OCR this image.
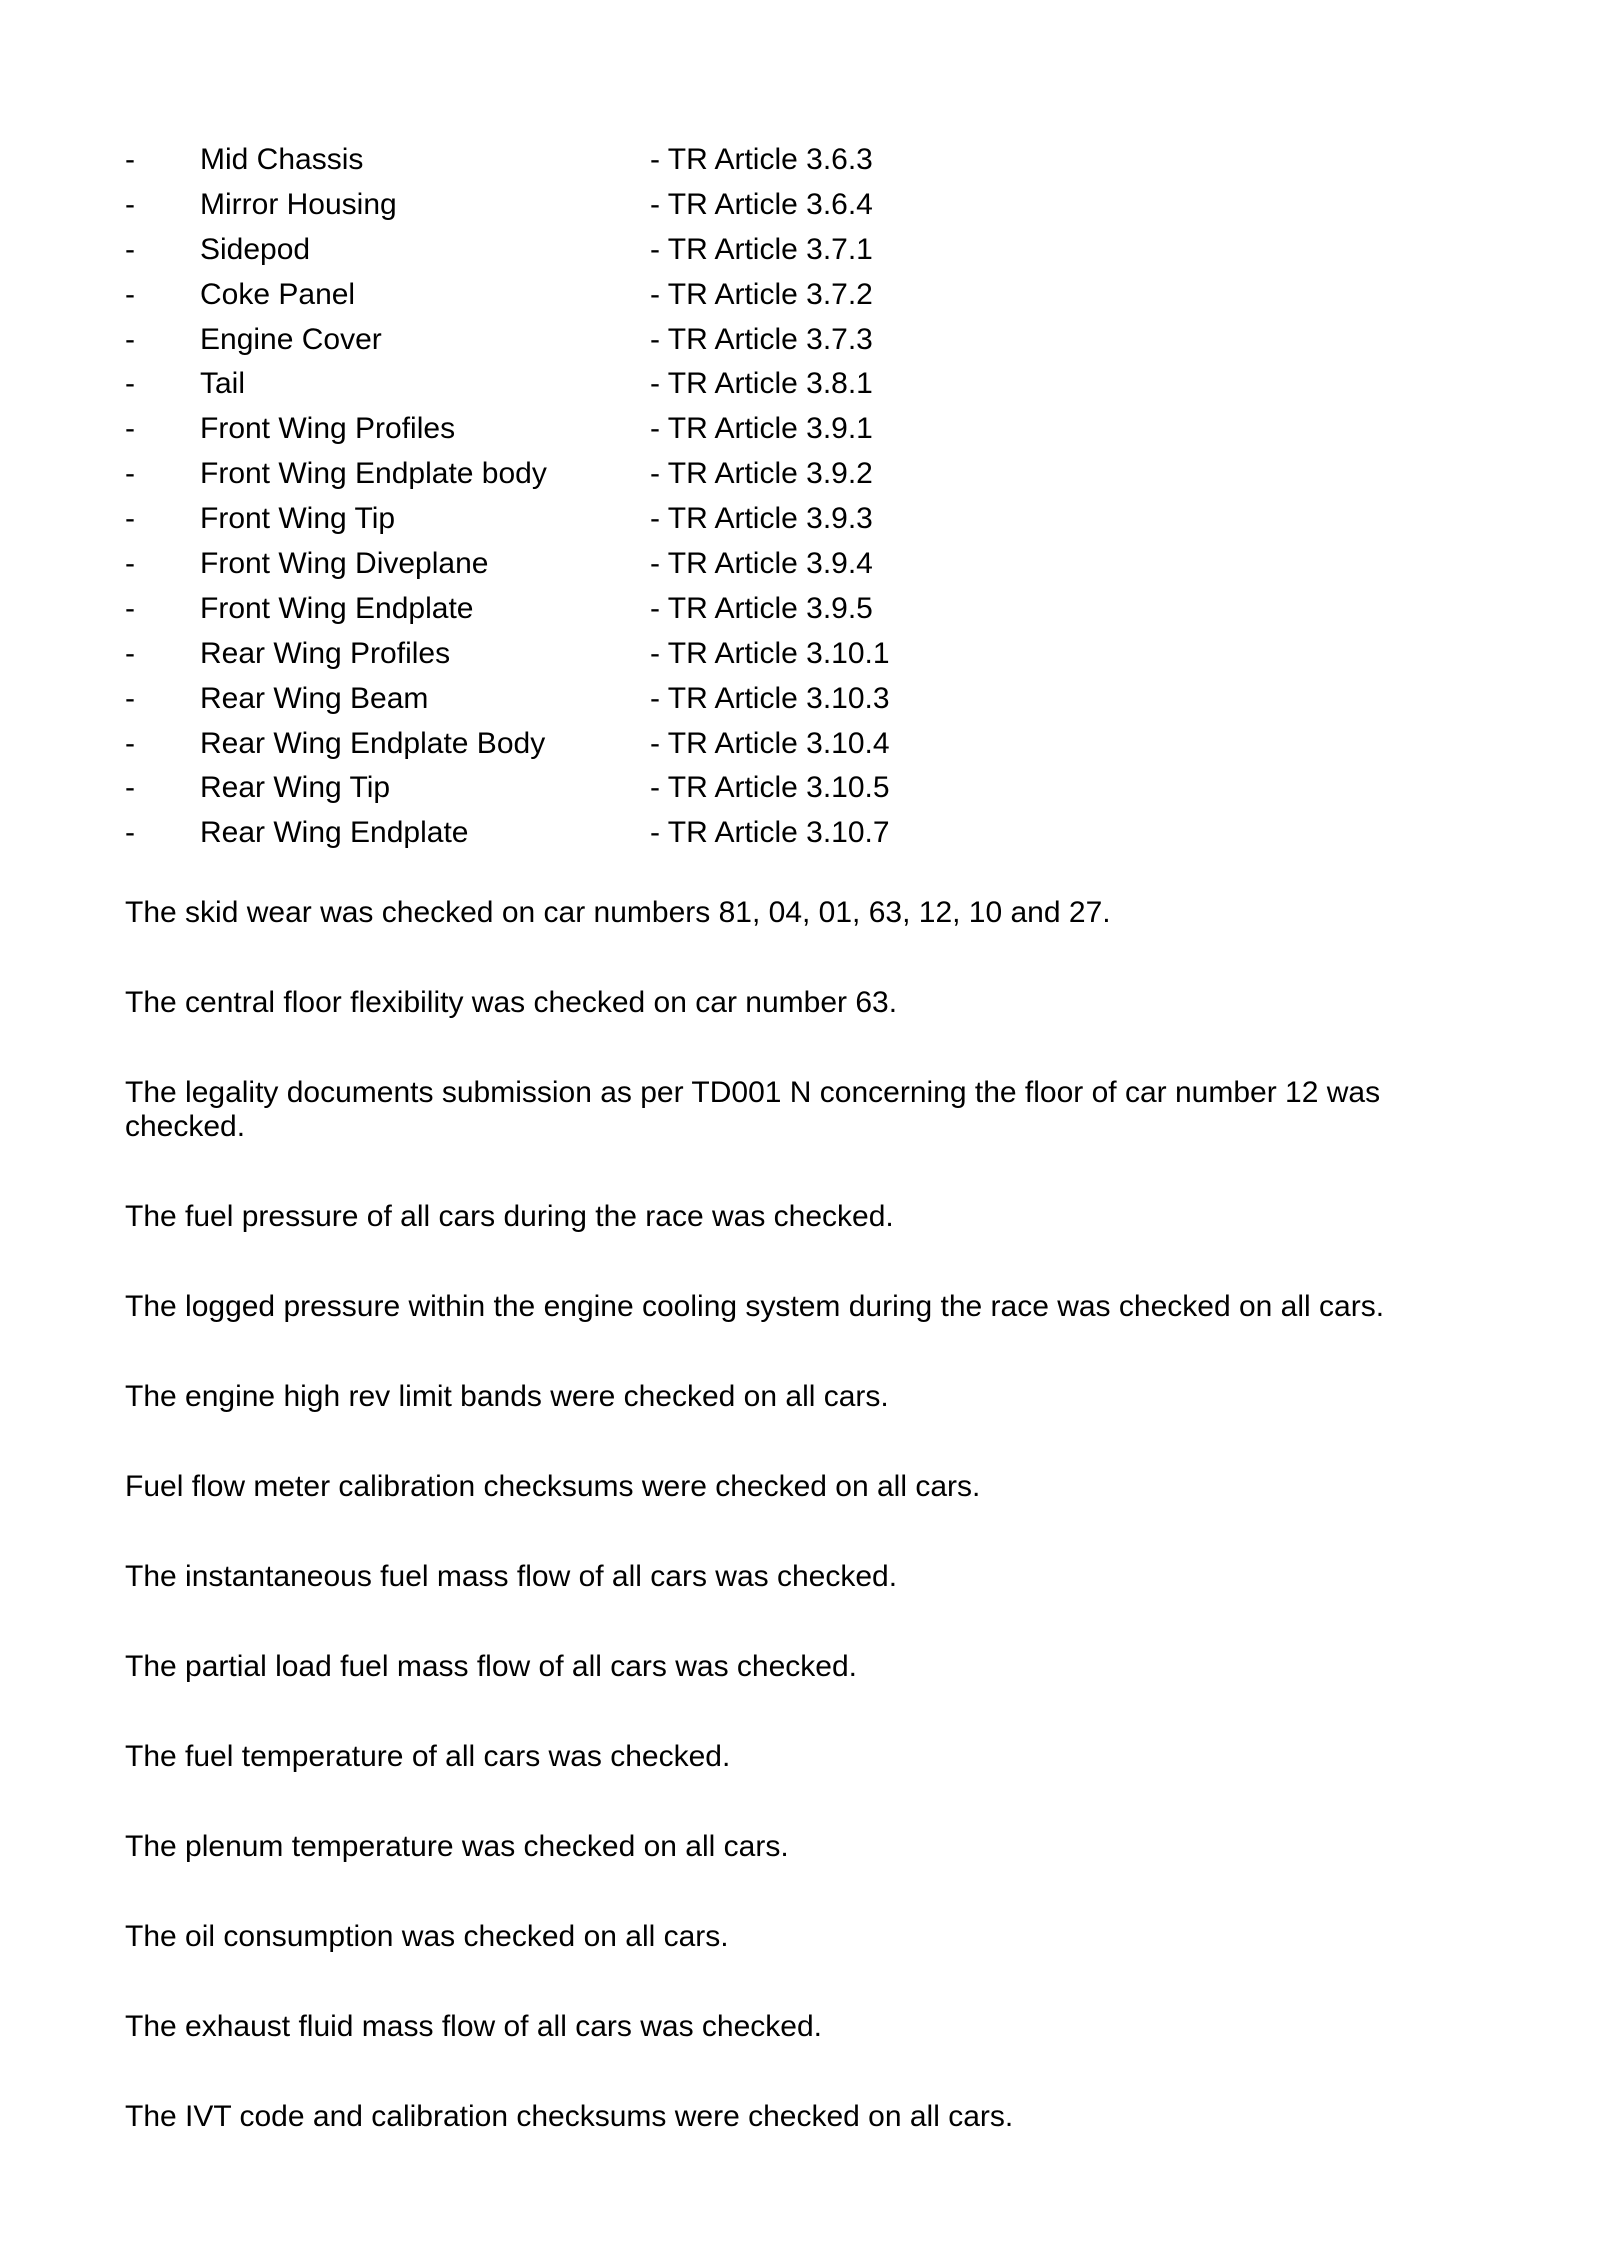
- Mid Chassis	- TR Article 3.6.3
- Mirror Housing	- TR Article 3.6.4
- Sidepod	- TR Article 3.7.1
- Coke Panel	- TR Article 3.7.2
- Engine Cover	- TR Article 3.7.3
- Tail	- TR Article 3.8.1
- Front Wing Profiles	- TR Article 3.9.1
- Front Wing Endplate body	- TR Article 3.9.2
- Front Wing Tip	- TR Article 3.9.3
- Front Wing Diveplane	- TR Article 3.9.4
- Front Wing Endplate	- TR Article 3.9.5
- Rear Wing Profiles	- TR Article 3.10.1
- Rear Wing Beam	- TR Article 3.10.3
- Rear Wing Endplate Body	- TR Article 3.10.4
- Rear Wing Tip	- TR Article 3.10.5
- Rear Wing Endplate	- TR Article 3.10.7

The skid wear was checked on car numbers 81, 04, 01, 63, 12, 10 and 27.

The central floor flexibility was checked on car number 63.

The legality documents submission as per TD001 N concerning the floor of car number 12 was checked.

The fuel pressure of all cars during the race was checked.

The logged pressure within the engine cooling system during the race was checked on all cars.

The engine high rev limit bands were checked on all cars.

Fuel flow meter calibration checksums were checked on all cars.

The instantaneous fuel mass flow of all cars was checked.

The partial load fuel mass flow of all cars was checked.

The fuel temperature of all cars was checked.

The plenum temperature was checked on all cars.

The oil consumption was checked on all cars.

The exhaust fluid mass flow of all cars was checked.

The IVT code and calibration checksums were checked on all cars.
